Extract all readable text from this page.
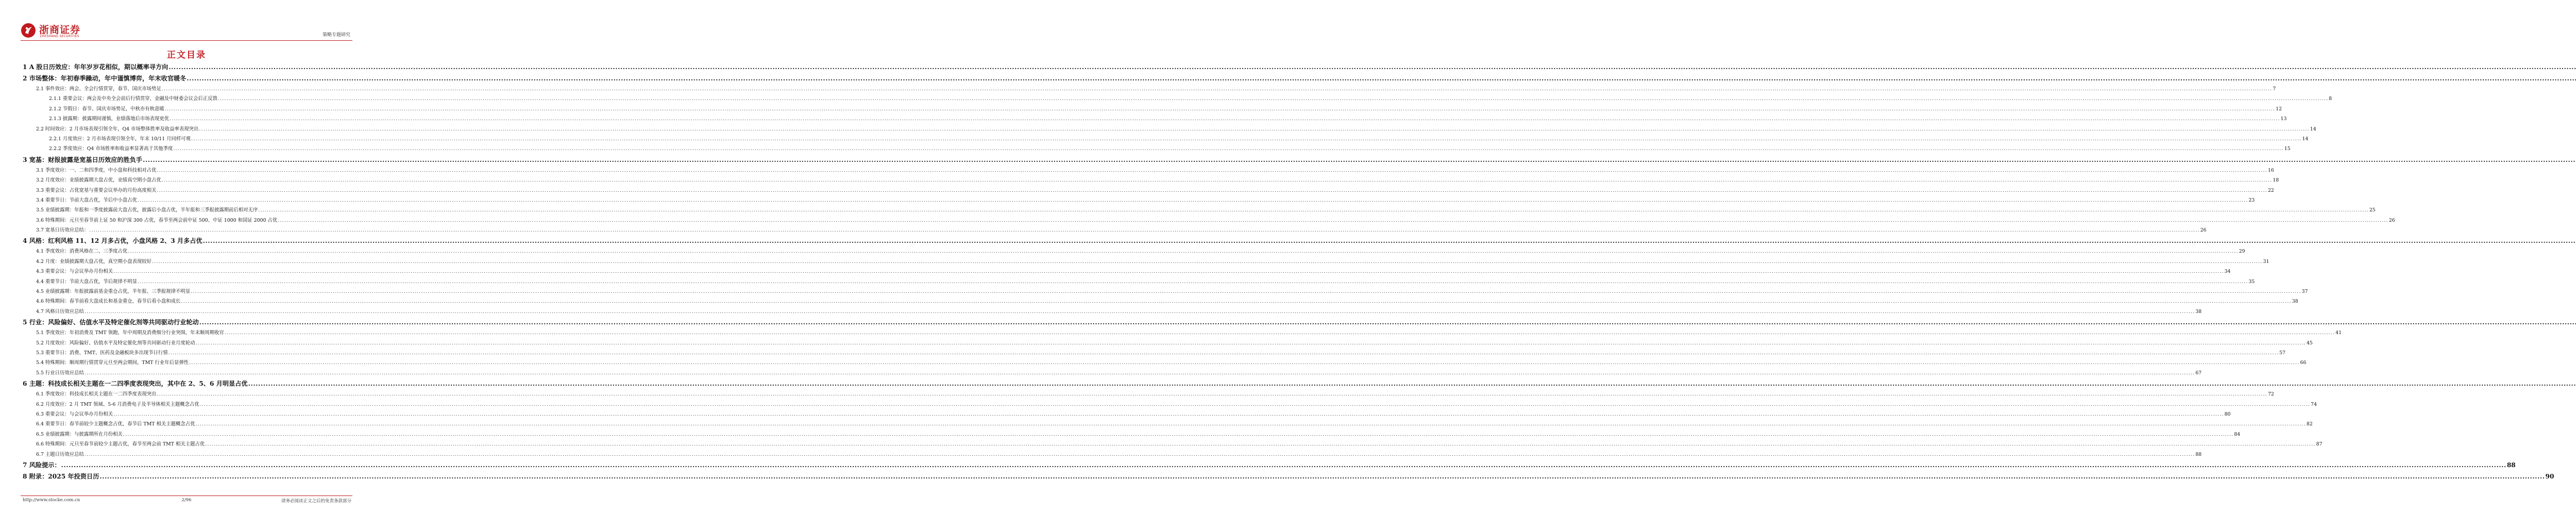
浙商证券
ZHESHANG SECURITIES	策略专题研究
正文目录
1 A 股日历效应：年年岁岁花相似，期以概率寻方向
.....
2 市场整体：年初春季躁动，年中谨慎博弈，年末收官暖冬
.....
2.1 事件效应：两会、全会行情贯穿，春节、国庆市场势足 .....	7
2.1.1 重要会议：两会及中央全会前后行情贯穿，金融及中财委会议会后正反馈 .....	8
2.1.2 节假日：春节、国庆市场势足，中秋亦有秋意暖 .....	12
2.1.3 披露期：披露期间谨慎，业绩落地后市场表现更优 .....	13
2.2 时间效应：2 月市场表现引领全年，Q4 市场整体胜率及收益率表现突出 .....	14
2.2.1 月度效应：2 月市场表现引领全年，年末 10/11 月同样可观 .....	14
2.2.2 季度效应：Q4 市场胜率和收益率显著高于其他季度 .....	15
3 宽基：财报披露是宽基日历效应的胜负手
.....
3.1 季度效应：一、二和四季度，中小盘和科技相对占优 .....	16
3.2 月度效应：业绩披露期大盘占优，业绩真空期小盘占优 .....	18
3.3 重要会议：占优宽基与重要会议举办的月份高度相关 .....	22
3.4 重要节日：节前大盘占优，节后中小盘占优 .....	23
3.5 业绩披露期：年报和一季度披露前大盘占优，披露后小盘占优，半年报和三季报披露期前后相对无序 .....	25
3.6 特殊期间：元旦至春节前上证 50 和沪深 300 占优，春节至两会前中证 500、中证 1000 和国证 2000 占优 .....	26
3.7 宽基日历效应总结： .....	26
4 风格：红利风格 11、12 月多占优，小盘风格 2、3 月多占优
.....
4.1 季度效应：消费风格在二、三季度占优 .....	29
4.2 月度：业绩披露期大盘占优，真空期小盘表现较好 .....	31
4.3 重要会议：与会议举办月份相关 .....	34
4.4 重要节日：节前大盘占优，节后规律不明显 .....	35
4.5 业绩披露期：年报披露前基金重仓占优，半年报、三季报规律不明显 .....	37
4.6 特殊期间：春节前看大盘成长和基金重仓，春节后看小盘和成长 .....	38
4.7 风格日历效应总结 .....	38
5 行业：风险偏好、估值水平及特定催化剂等共同驱动行业轮动
.....
5.1 季度效应：年初消费及 TMT 领跑，年中周期及消费细分行业突围，年末顺周期收官 .....	41
5.2 月度效应：风险偏好、估值水平及特定催化剂等共同驱动行业月度轮动 .....	45
5.3 重要节日：消费、TMT、医药及金融板块多出现节日行情 .....	57
5.4 特殊期间：顺周期行情贯穿元旦至两会期间，TMT 行业年后显弹性 .....	66
5.5 行业日历效应总结 .....	67
6 主题：科技成长相关主题在一二四季度表现突出，其中在 2、5、6 月明显占优
.....
6.1 季度效应：科技成长相关主题在一二四季度表现突出 .....	72
6.2 月度效应：2 月 TMT 领域、5-6 月消费电子及半导体相关主题概念占优 .....	74
6.3 重要会议：与会议举办月份相关 .....	80
6.4 重要节日：春节前较少主题概念占优，春节后 TMT 相关主题概念占优 .....	82
6.5 业绩披露期：与披露期所在月份相关 .....	84
6.6 特殊期间：元旦至春节前较少主题占优，春节至两会前 TMT 相关主题占优 .....	87
6.7 主题日历效应总结 .....	88
7 风险提示： .....	88
8 附录：2025 年投资日历 .....	90
http://www.stocke.com.cn	2/96	请务必阅读正文之后的免责条款部分
